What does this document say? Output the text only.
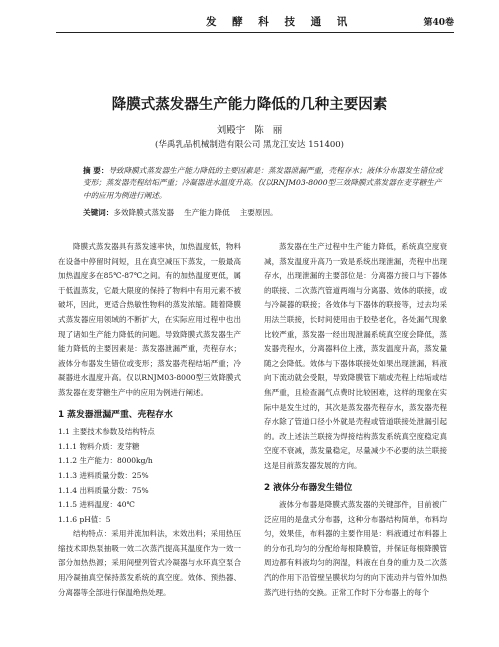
发 酵 科 技 通 讯	第40卷
降膜式蒸发器生产能力降低的几种主要因素
刘殿宇 陈 丽
(华禹乳品机械制造有限公司 黑龙江安达 151400)
摘 要：导致降膜式蒸发器生产能力降低的主要因素是：蒸发器泄漏严重，壳程存水；液体分布器发生错位或变形；蒸发器壳程结垢严重；冷凝器进水温度升高。仅以RNJM03-8000型三效降膜式蒸发器在麦芽糖生产中的应用为例进行阐述。
关键词：多效降膜式蒸发器 生产能力降低 主要原因。

降膜式蒸发器具有蒸发速率快，加热温度低，物料在设备中停留时间短，且在真空减压下蒸发，一般最高加热温度多在85℃-87℃之间。有的加热温度更低，属于低温蒸发，它最大限度的保持了物料中有用元素不被破坏，因此，更适合热敏性物料的蒸发浓缩。随着降膜式蒸发器应用领域的不断扩大，在实际应用过程中也出现了诸如生产能力降低的问题。导致降膜式蒸发器生产能力降低的主要因素是：蒸发器泄漏严重，壳程存水；液体分布器发生错位或变形；蒸发器壳程结垢严重；冷凝器进水温度升高。仅以RNJM03-8000型三效降膜式蒸发器在麦芽糖生产中的应用为例进行阐述。

1 蒸发器泄漏严重、壳程存水
1.1 主要技术参数及结构特点
1.1.1 物料介质：麦芽糖
1.1.2 生产能力：8000kg/h
1.1.3 进料质量分数：25%
1.1.4 出料质量分数：75%
1.1.5 进料温度：40℃
1.1.6 pH值：5

结构特点：采用并流加料法，末效出料；采用热压缩技术即热泵抽吸一效二次蒸汽提高其温度作为一效一部分加热热源；采用间壁列管式冷凝器与水环真空泵合用冷凝抽真空保持蒸发系统的真空度。效体、预热器、分离器等全部进行保温绝热处理。

蒸发器在生产过程中生产能力降低，系统真空度衰减，蒸发温度升高乃一致是系统出现泄漏，壳程中出现存水，出现泄漏的主要部位是：分离器方接口与下器体的联接、二次蒸汽管道两端与分离器、效体的联接，或与冷凝器的联接；各效体与下器体的联接等，过去均采用法兰联接，长时间使用由于胶垫老化，各处漏气现象比较严重，蒸发器一经出现泄漏系统真空度会降低，蒸发器壳程水，分离器料位上涨，蒸发温度升高，蒸发量随之会降低。效体与下器体联接处如果出现泄漏，料液向下流动就会受限，导致降膜管下端或壳程上结垢或结焦严重，且检查漏气点费时比较困难，这样的现象在实际中是发生过的，其次是蒸发器壳程存水，蒸发器壳程存水除了管道口径小外就是壳程或管道联接处泄漏引起的。改上述法兰联接为焊接结构蒸发系统真空度稳定真空度不衰减，蒸发量稳定，尽量减少不必要的法兰联接这是目前蒸发器发展的方向。

2 液体分布器发生错位

液体分布器是降膜式蒸发器的关键部件，目前被广泛应用的是盘式分布器，这种分布器结构简单，布料均匀，效果佳，布料器的主要作用是：料液通过布料器上的分布孔均匀的分配给每根降膜管，并保证每根降膜管周边都有料液均匀的润湿，料液在自身的重力及二次蒸汽的作用下沿管壁呈膜状均匀的向下流动并与管外加热蒸汽进行热的交换。正常工作时下分布器上的每个
